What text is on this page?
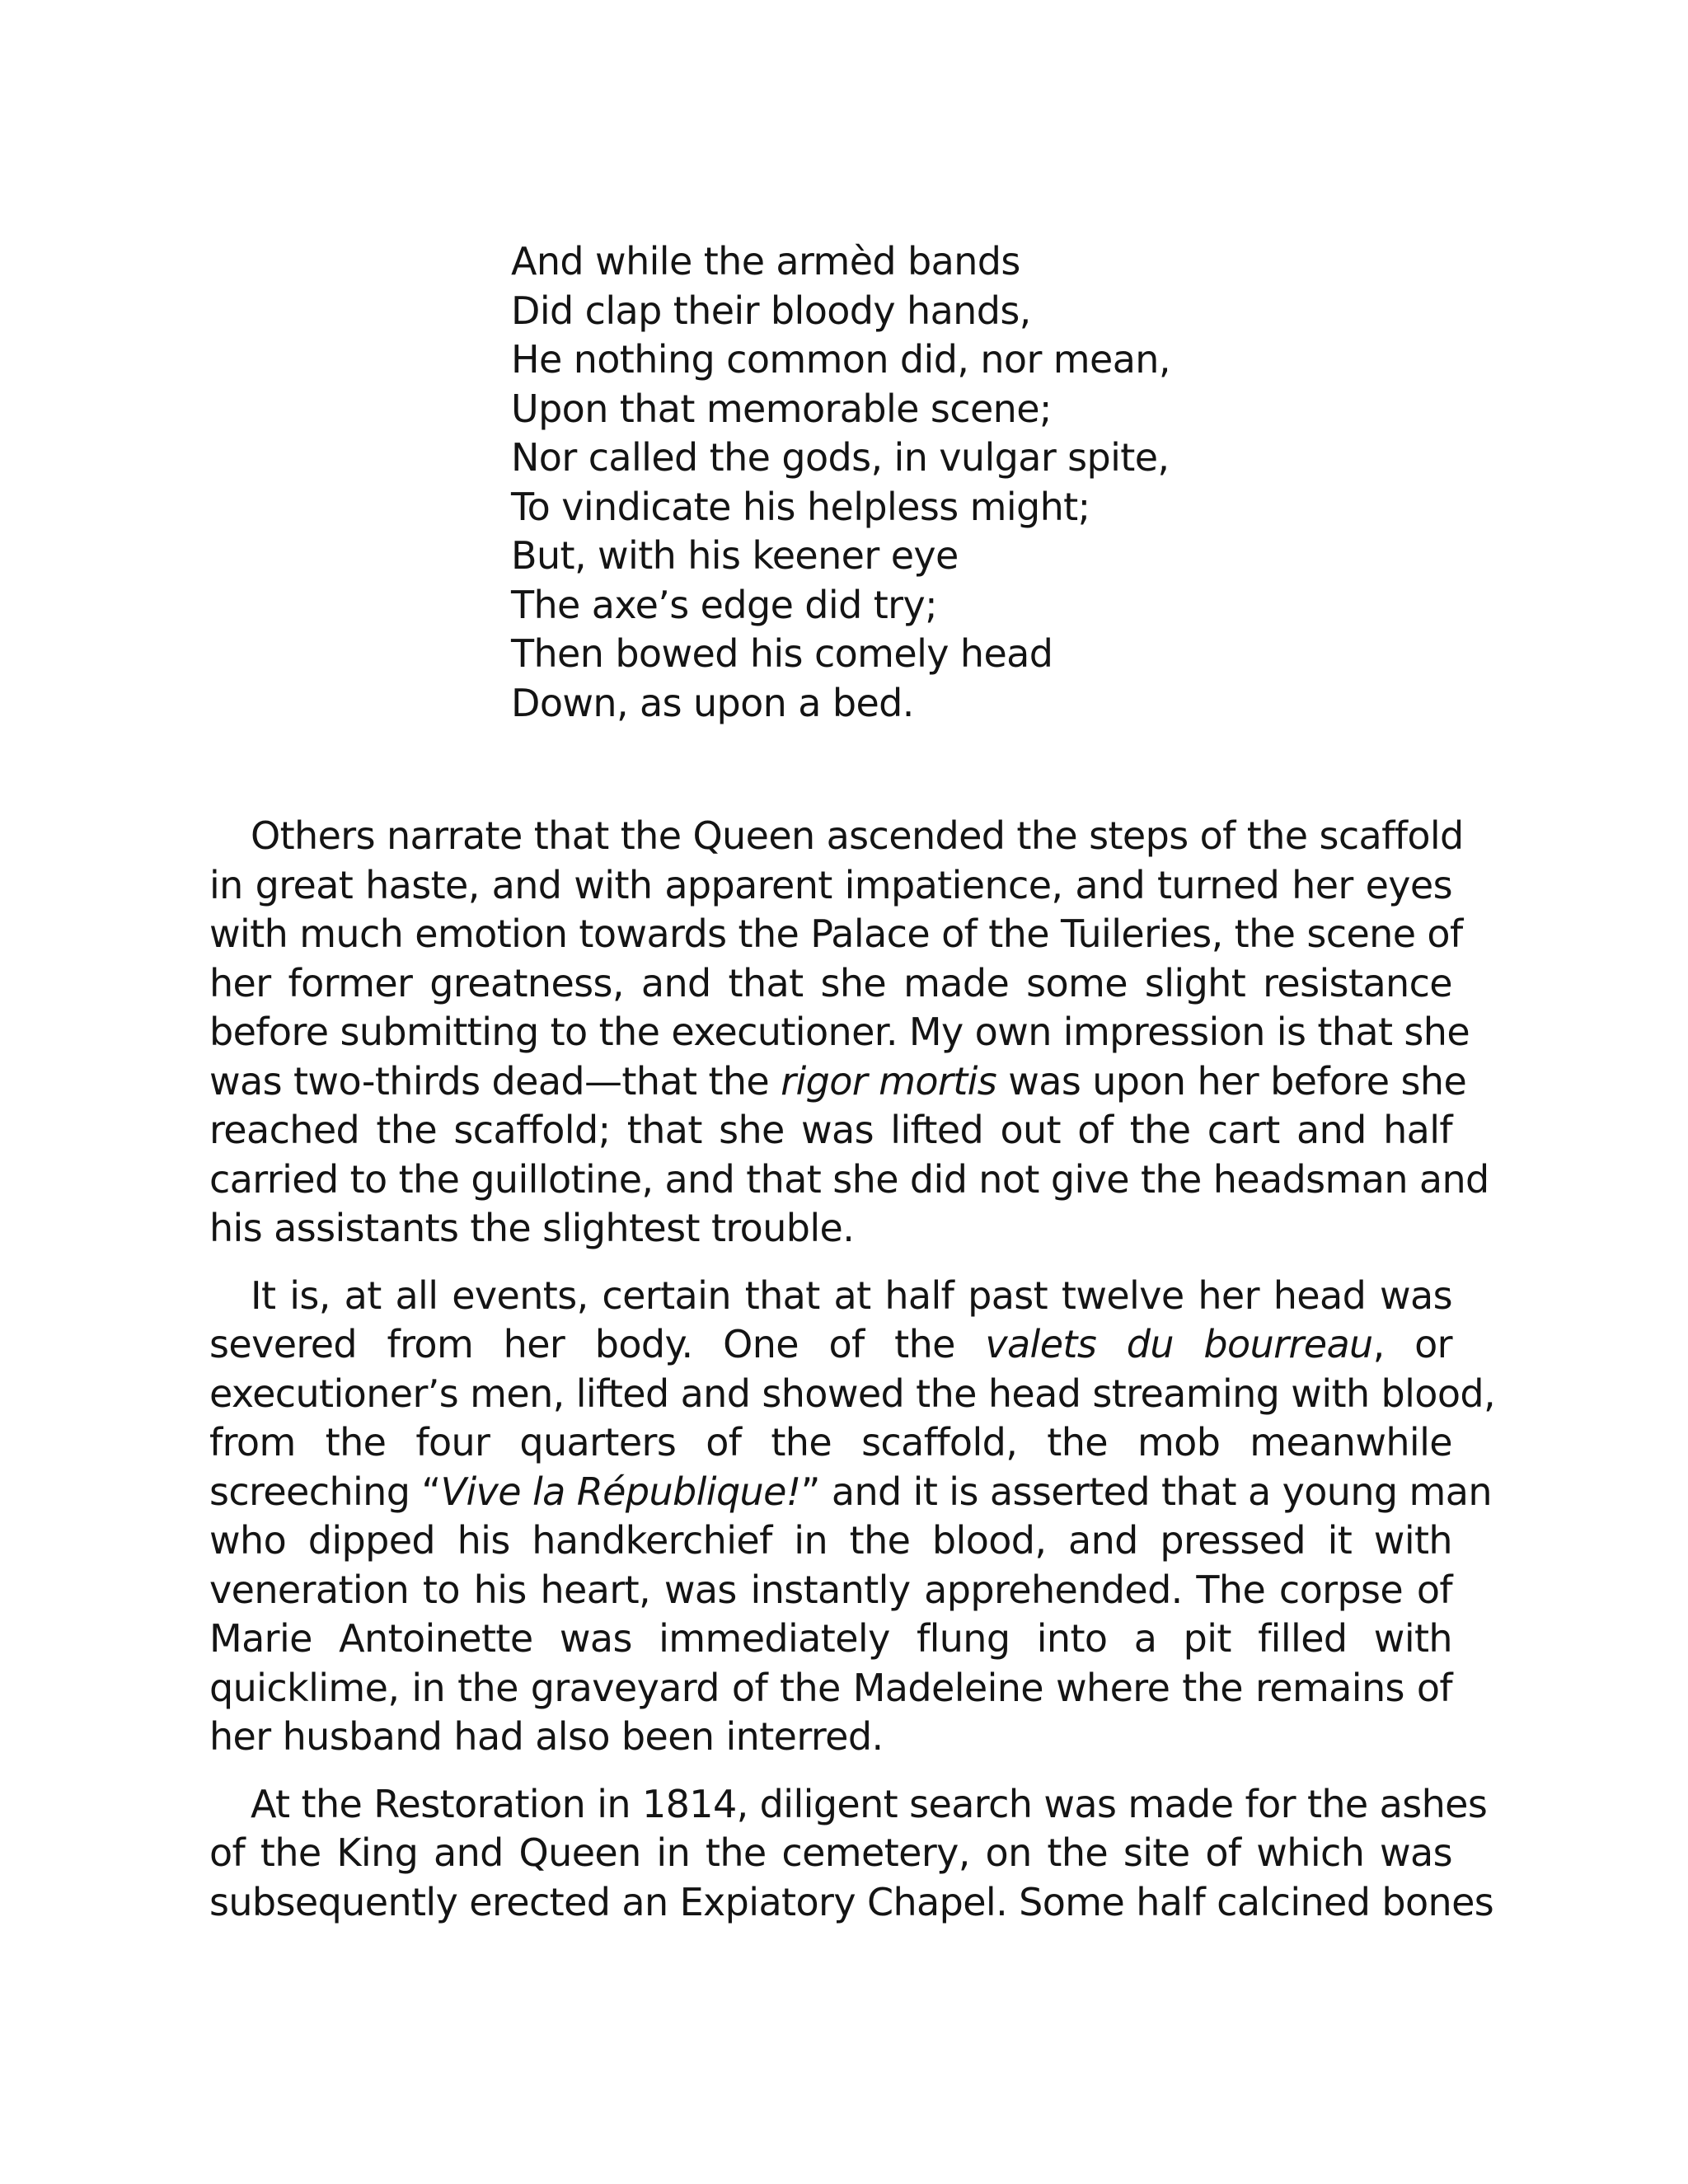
And while the armèd bands
Did clap their bloody hands,
He nothing common did, nor mean,
Upon that memorable scene;
Nor called the gods, in vulgar spite,
To vindicate his helpless might;
But, with his keener eye
The axe’s edge did try;
Then bowed his comely head
Down, as upon a bed.
Others narrate that the Queen ascended the steps of the scaffold
in great haste, and with apparent impatience, and turned her eyes
with much emotion towards the Palace of the Tuileries, the scene of
her former greatness, and that she made some slight resistance
before submitting to the executioner. My own impression is that she
was two-thirds dead—that the rigor mortis was upon her before she
reached the scaffold; that she was lifted out of the cart and half
carried to the guillotine, and that she did not give the headsman and
his assistants the slightest trouble.
It is, at all events, certain that at half past twelve her head was
severed from her body. One of the valets du bourreau, or
executioner’s men, lifted and showed the head streaming with blood,
from the four quarters of the scaffold, the mob meanwhile
screeching “Vive la République!” and it is asserted that a young man
who dipped his handkerchief in the blood, and pressed it with
veneration to his heart, was instantly apprehended. The corpse of
Marie Antoinette was immediately flung into a pit filled with
quicklime, in the graveyard of the Madeleine where the remains of
her husband had also been interred.
At the Restoration in 1814, diligent search was made for the ashes
of the King and Queen in the cemetery, on the site of which was
subsequently erected an Expiatory Chapel. Some half calcined bones
